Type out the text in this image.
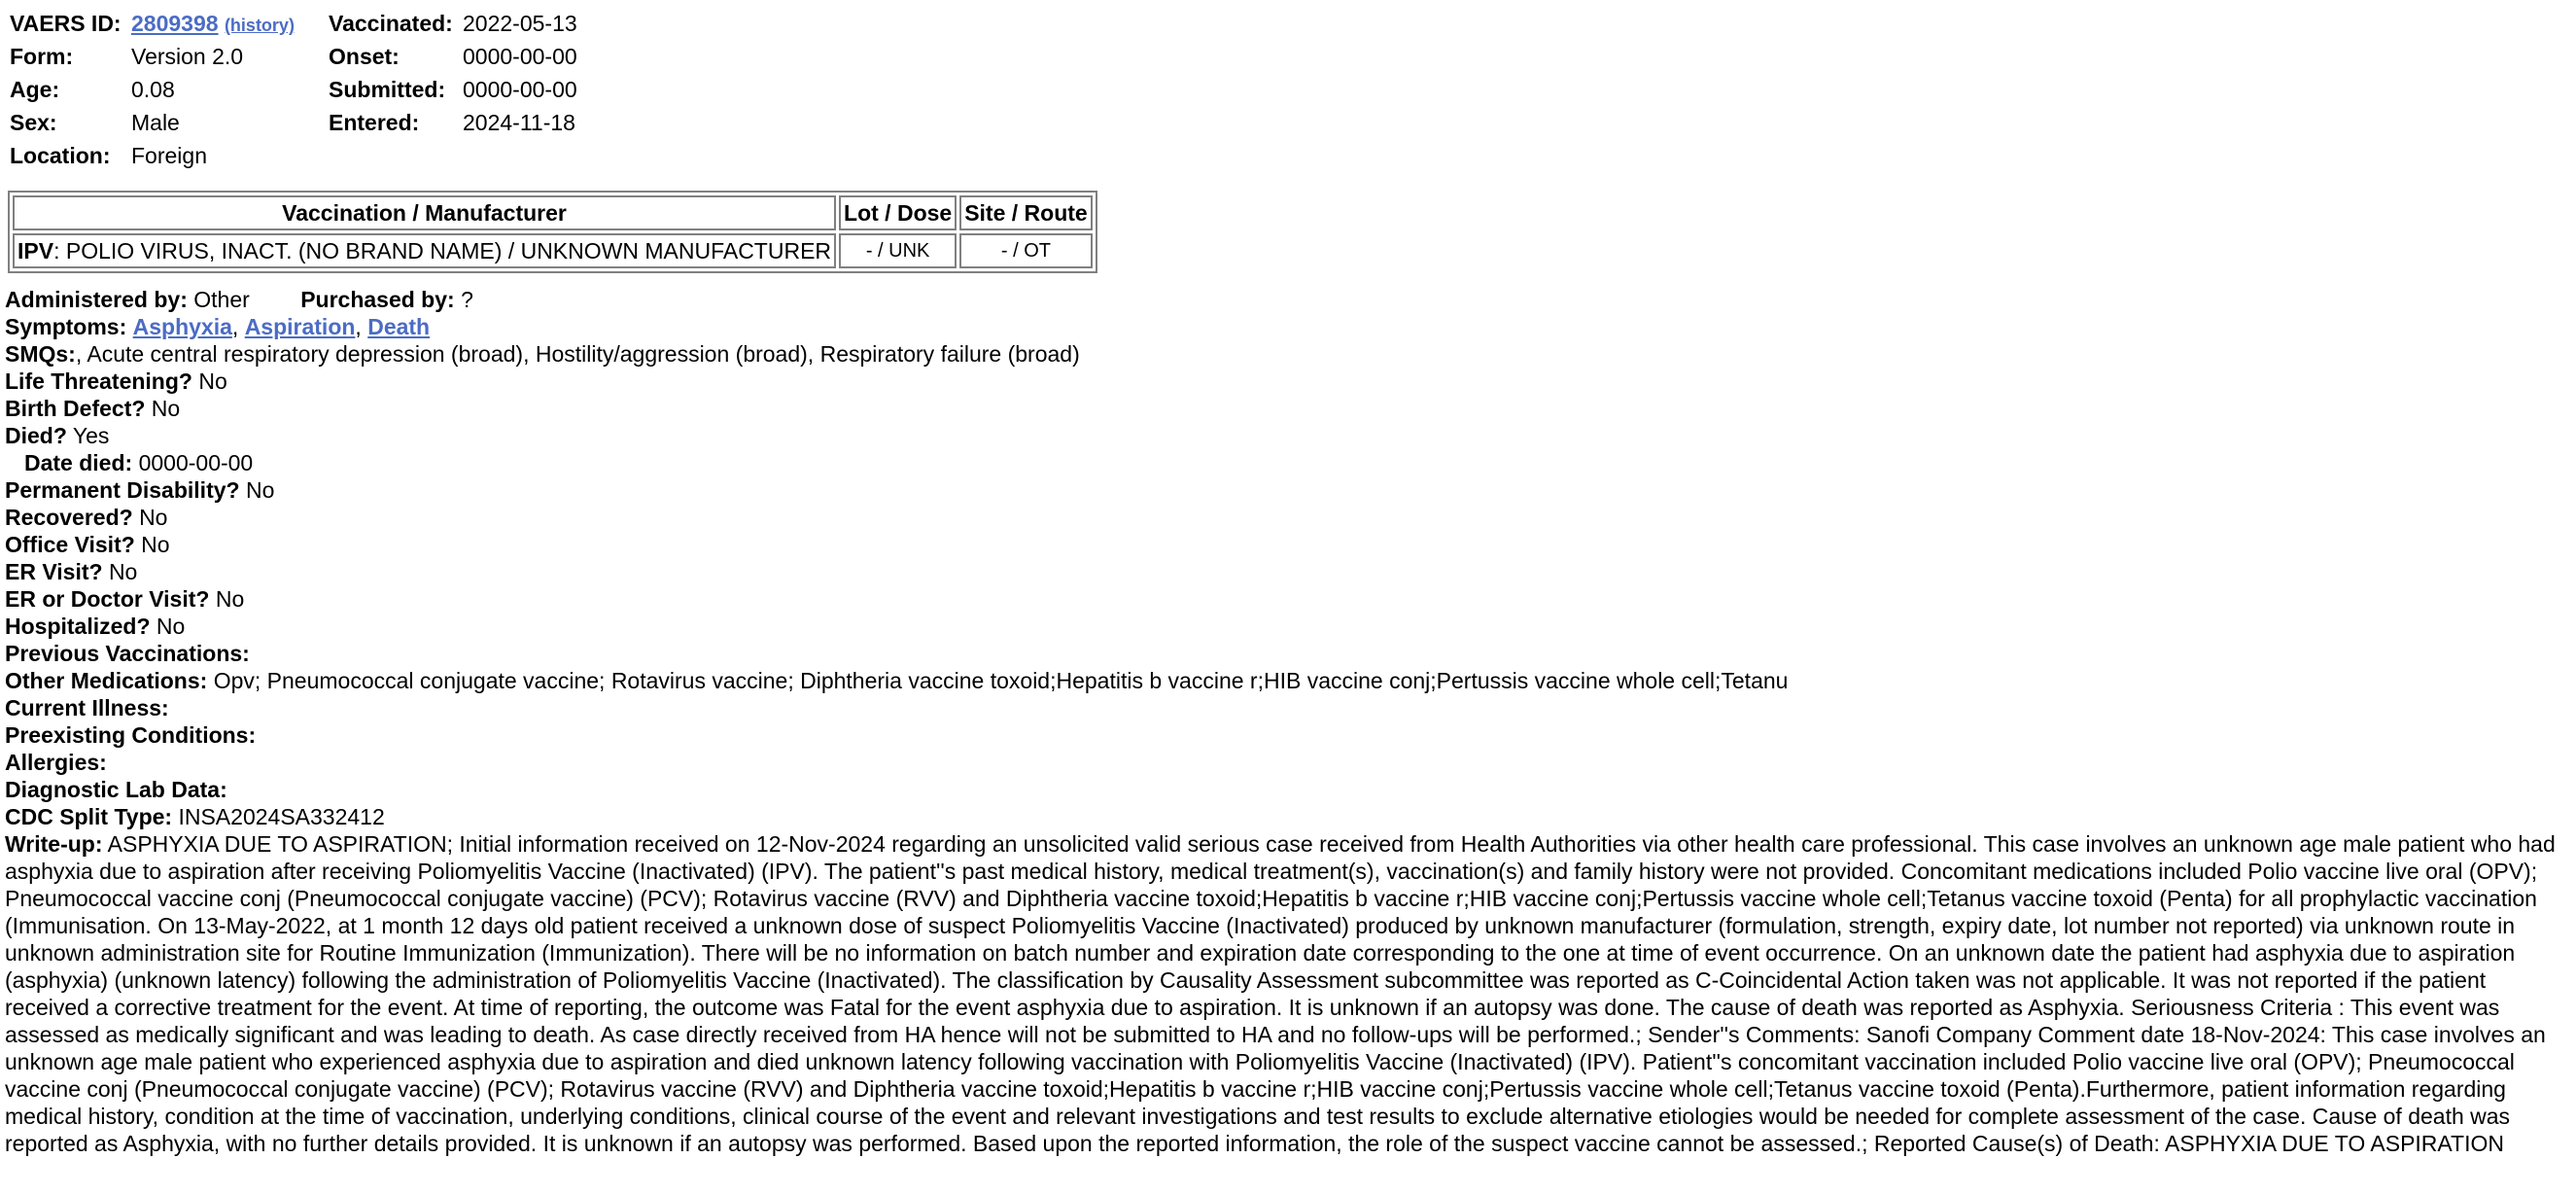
VAERS ID: 2809398 (history)
Form:	Version 2.0
Age:	0.08
Sex:	Male
Location: Foreign
Vaccinated: 2022-05-13
Onset:	0000-00-00
Submitted: 0000-00-00
Entered: 2024-11-18
Vaccination / Manufacturer	Lot / Dose	Site / Route
IPV: POLIO VIRUS, INACT. (NO BRAND NAME) / UNKNOWN MANUFACTURER	- / UNK	- / OT
Administered by: Other Purchased by: ?
Symptoms: Asphyxia, Aspiration, Death
SMQs:, Acute central respiratory depression (broad), Hostility/aggression (broad), Respiratory failure (broad)
Life Threatening? No
Birth Defect? No
Died? Yes
Date died: 0000-00-00
Permanent Disability? No
Recovered? No
Office Visit? No
ER Visit? No
ER or Doctor Visit? No
Hospitalized? No
Previous Vaccinations:
Other Medications: Opv; Pneumococcal conjugate vaccine; Rotavirus vaccine; Diphtheria vaccine toxoid;Hepatitis b vaccine r;HIB vaccine conj;Pertussis vaccine whole cell;Tetanu
Current Illness:
Preexisting Conditions:
Allergies:
Diagnostic Lab Data:
CDC Split Type: INSA2024SA332412
Write-up: ASPHYXIA DUE TO ASPIRATION; Initial information received on 12-Nov-2024 regarding an unsolicited valid serious case received from Health Authorities via other health care professional. This case involves an unknown age male patient who had asphyxia due to aspiration after receiving Poliomyelitis Vaccine (Inactivated) (IPV). The patient''s past medical history, medical treatment(s), vaccination(s) and family history were not provided. Concomitant medications included Polio vaccine live oral (OPV); Pneumococcal vaccine conj (Pneumococcal conjugate vaccine) (PCV); Rotavirus vaccine (RVV) and Diphtheria vaccine toxoid;Hepatitis b vaccine r;HIB vaccine conj;Pertussis vaccine whole cell;Tetanus vaccine toxoid (Penta) for all prophylactic vaccination (Immunisation. On 13-May-2022, at 1 month 12 days old patient received a unknown dose of suspect Poliomyelitis Vaccine (Inactivated) produced by unknown manufacturer (formulation, strength, expiry date, lot number not reported) via unknown route in unknown administration site for Routine Immunization (Immunization). There will be no information on batch number and expiration date corresponding to the one at time of event occurrence. On an unknown date the patient had asphyxia due to aspiration (asphyxia) (unknown latency) following the administration of Poliomyelitis Vaccine (Inactivated). The classification by Causality Assessment subcommittee was reported as C-Coincidental Action taken was not applicable. It was not reported if the patient received a corrective treatment for the event. At time of reporting, the outcome was Fatal for the event asphyxia due to aspiration. It is unknown if an autopsy was done. The cause of death was reported as Asphyxia. Seriousness Criteria : This event was assessed as medically significant and was leading to death. As case directly received from HA hence will not be submitted to HA and no follow-ups will be performed.; Sender''s Comments: Sanofi Company Comment date 18-Nov-2024: This case involves an unknown age male patient who experienced asphyxia due to aspiration and died unknown latency following vaccination with Poliomyelitis Vaccine (Inactivated) (IPV). Patient''s concomitant vaccination included Polio vaccine live oral (OPV); Pneumococcal vaccine conj (Pneumococcal conjugate vaccine) (PCV); Rotavirus vaccine (RVV) and Diphtheria vaccine toxoid;Hepatitis b vaccine r;HIB vaccine conj;Pertussis vaccine whole cell;Tetanus vaccine toxoid (Penta).Furthermore, patient information regarding medical history, condition at the time of vaccination, underlying conditions, clinical course of the event and relevant investigations and test results to exclude alternative etiologies would be needed for complete assessment of the case. Cause of death was reported as Asphyxia, with no further details provided. It is unknown if an autopsy was performed. Based upon the reported information, the role of the suspect vaccine cannot be assessed.; Reported Cause(s) of Death: ASPHYXIA DUE TO ASPIRATION
